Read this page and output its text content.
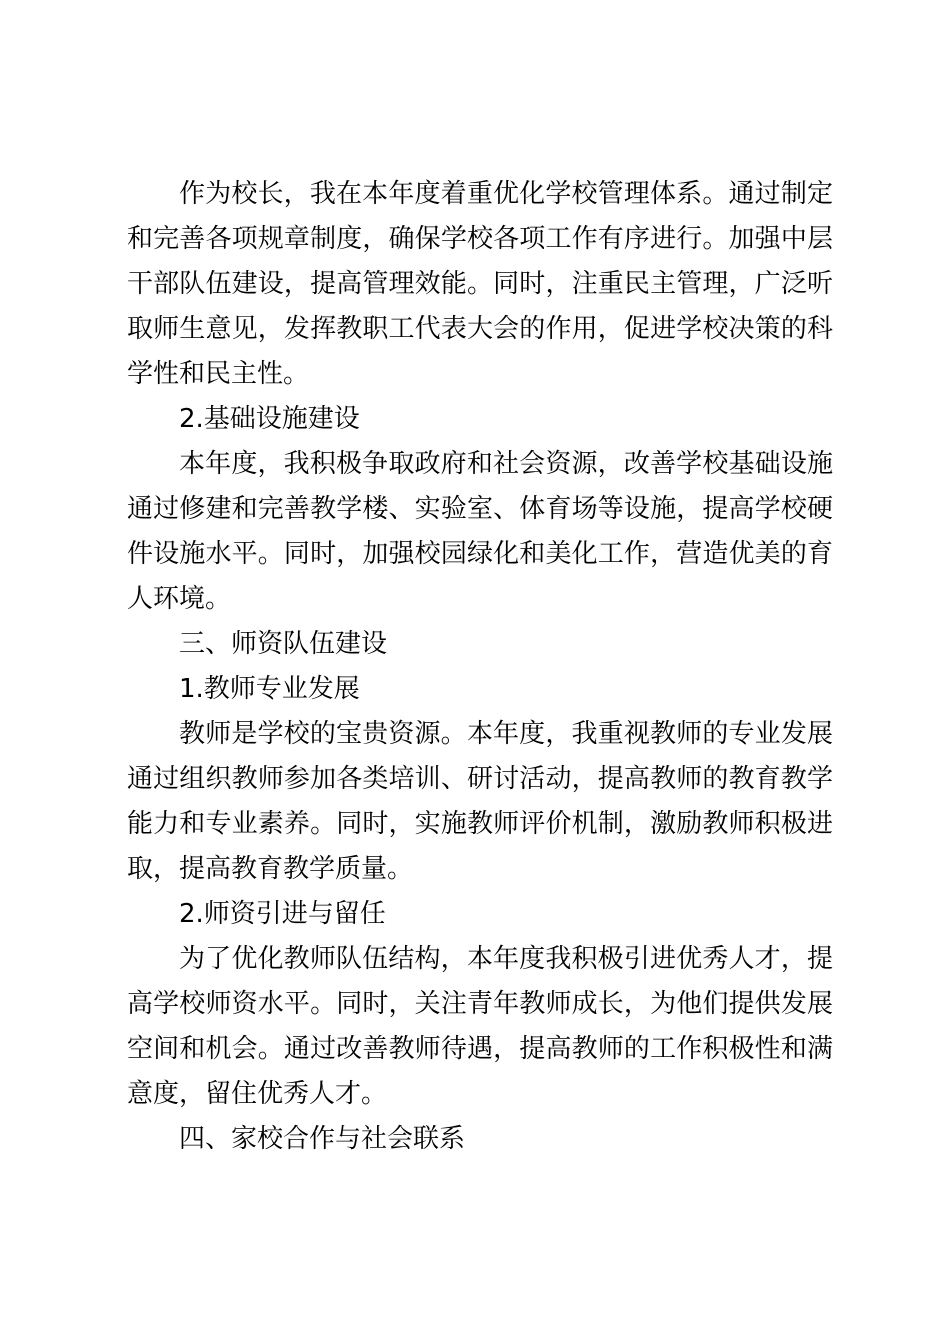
作为校长，我在本年度着重优化学校管理体系。通过制定和完善各项规章制度，确保学校各项工作有序进行。加强中层干部队伍建设，提高管理效能。同时，注重民主管理，广泛听取师生意见，发挥教职工代表大会的作用，促进学校决策的科学性和民主性。

2.基础设施建设

本年度，我积极争取政府和社会资源，改善学校基础设施通过修建和完善教学楼、实验室、体育场等设施，提高学校硬件设施水平。同时，加强校园绿化和美化工作，营造优美的育人环境。

三、师资队伍建设

1.教师专业发展

教师是学校的宝贵资源。本年度，我重视教师的专业发展通过组织教师参加各类培训、研讨活动，提高教师的教育教学能力和专业素养。同时，实施教师评价机制，激励教师积极进取，提高教育教学质量。

2.师资引进与留任

为了优化教师队伍结构，本年度我积极引进优秀人才，提高学校师资水平。同时，关注青年教师成长，为他们提供发展空间和机会。通过改善教师待遇，提高教师的工作积极性和满意度，留住优秀人才。

四、家校合作与社会联系
